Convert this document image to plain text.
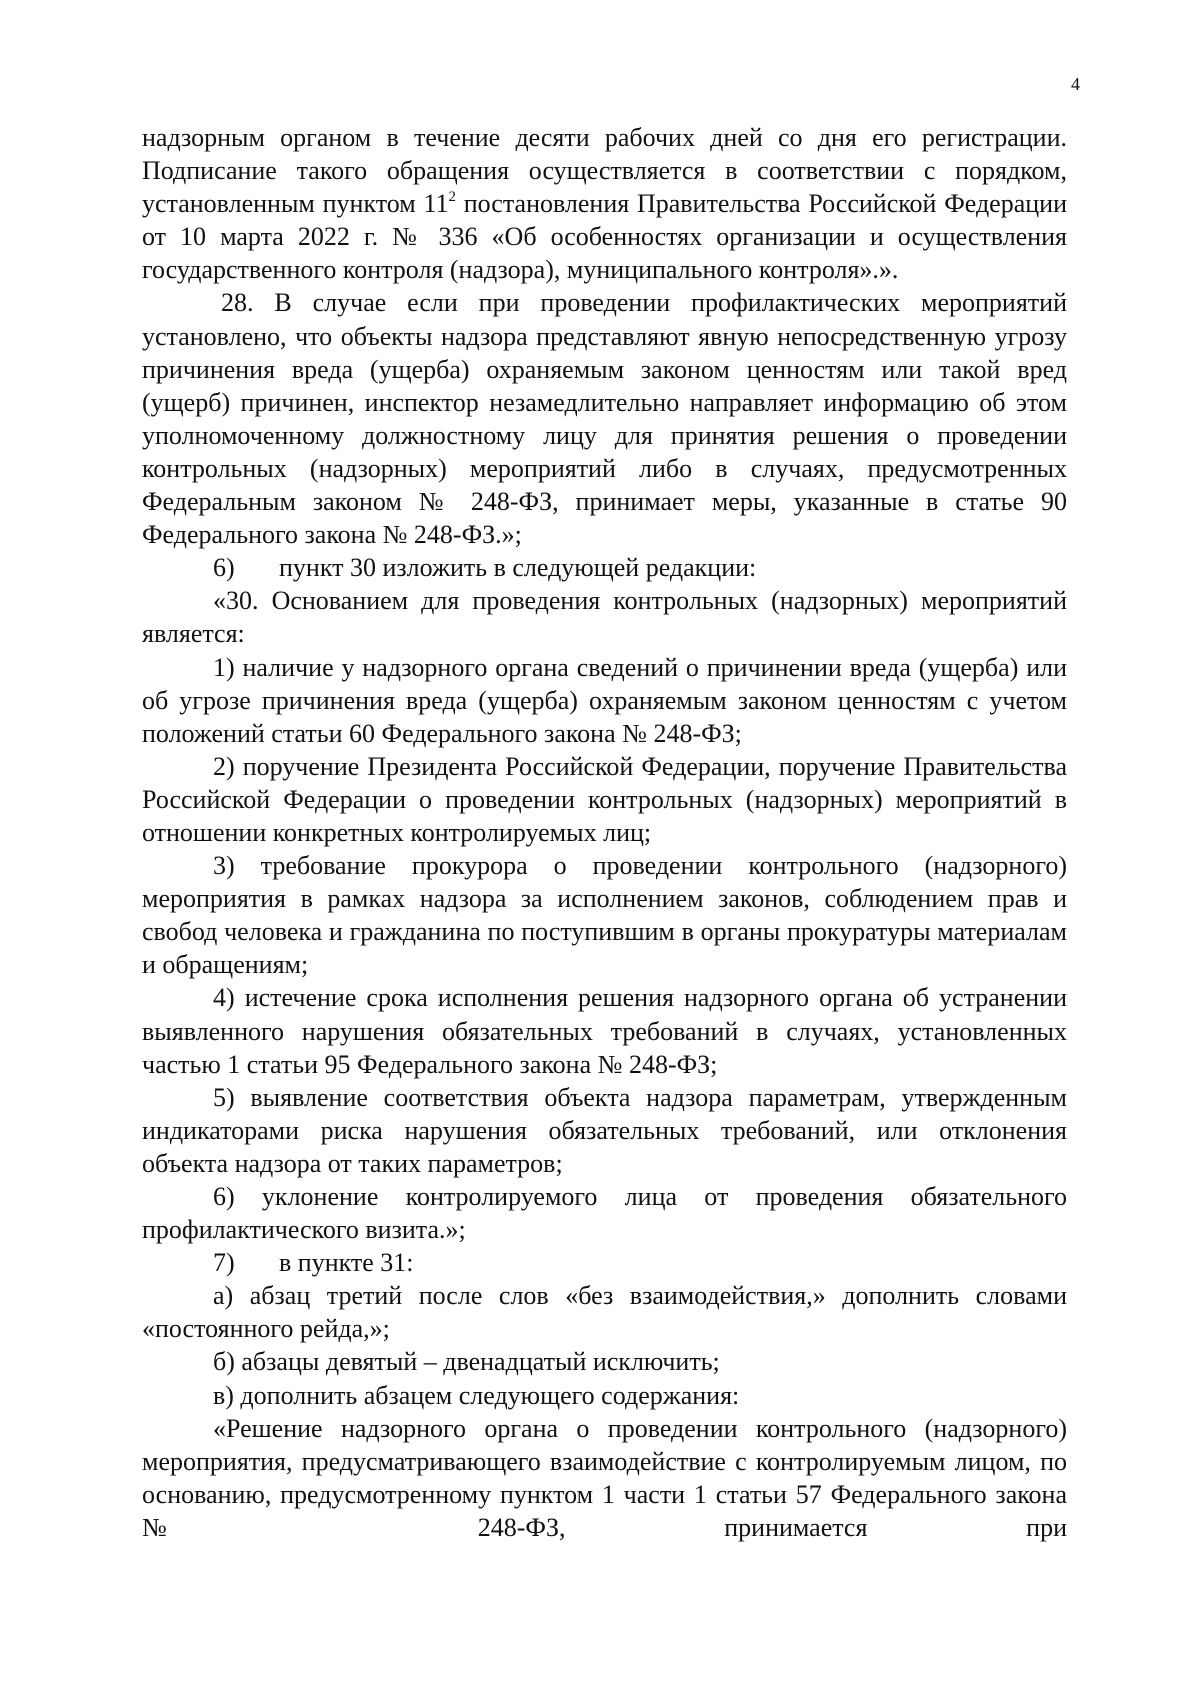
4

надзорным органом в течение десяти рабочих дней со дня его регистрации. Подписание такого обращения осуществляется в соответствии с порядком, установленным пунктом $11^2$ постановления Правительства Российской Федерации от 10 марта 2022 г. № 336 «Об особенностях организации и осуществления государственного контроля (надзора), муниципального контроля».».

28. В случае если при проведении профилактических мероприятий установлено, что объекты надзора представляют явную непосредственную угрозу причинения вреда (ущерба) охраняемым законом ценностям или такой вред (ущерб) причинен, инспектор незамедлительно направляет информацию об этом уполномоченному должностному лицу для принятия решения о проведении контрольных (надзорных) мероприятий либо в случаях, предусмотренных Федеральным законом № 248-ФЗ, принимает меры, указанные в статье 90 Федерального закона № 248-ФЗ.»;

6) пункт 30 изложить в следующей редакции:

«30. Основанием для проведения контрольных (надзорных) мероприятий является:

1) наличие у надзорного органа сведений о причинении вреда (ущерба) или об угрозе причинения вреда (ущерба) охраняемым законом ценностям с учетом положений статьи 60 Федерального закона № 248-ФЗ;

2) поручение Президента Российской Федерации, поручение Правительства Российской Федерации о проведении контрольных (надзорных) мероприятий в отношении конкретных контролируемых лиц;

3) требование прокурора о проведении контрольного (надзорного) мероприятия в рамках надзора за исполнением законов, соблюдением прав и свобод человека и гражданина по поступившим в органы прокуратуры материалам и обращениям;

4) истечение срока исполнения решения надзорного органа об устранении выявленного нарушения обязательных требований в случаях, установленных частью 1 статьи 95 Федерального закона № 248-ФЗ;

5) выявление соответствия объекта надзора параметрам, утвержденным индикаторами риска нарушения обязательных требований, или отклонения объекта надзора от таких параметров;

6) уклонение контролируемого лица от проведения обязательного профилактического визита.»;

7) в пункте 31:

а) абзац третий после слов «без взаимодействия,» дополнить словами «постоянного рейда,»;

б) абзацы девятый – двенадцатый исключить;

в) дополнить абзацем следующего содержания:

«Решение надзорного органа о проведении контрольного (надзорного) мероприятия, предусматривающего взаимодействие с контролируемым лицом, по основанию, предусмотренному пунктом 1 части 1 статьи 57 Федерального закона № 248-ФЗ, принимается при
